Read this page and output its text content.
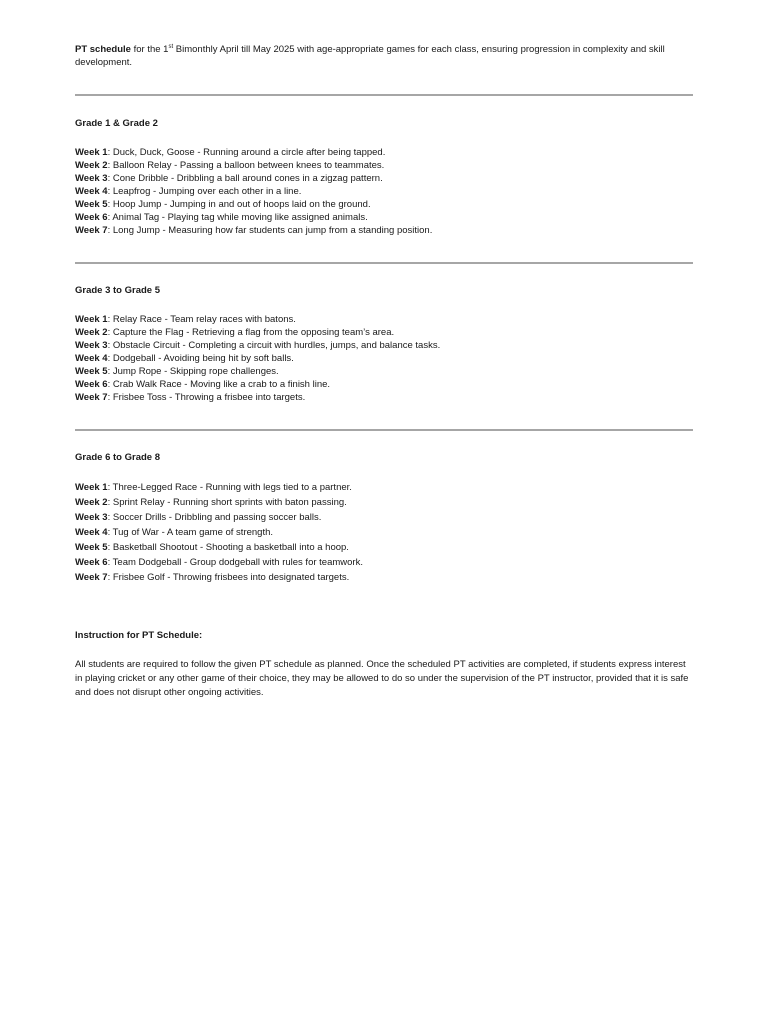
PT schedule for the 1st Bimonthly April till May 2025 with age-appropriate games for each class, ensuring progression in complexity and skill development.
Grade 1 & Grade 2
Week 1: Duck, Duck, Goose - Running around a circle after being tapped.
Week 2: Balloon Relay - Passing a balloon between knees to teammates.
Week 3: Cone Dribble - Dribbling a ball around cones in a zigzag pattern.
Week 4: Leapfrog - Jumping over each other in a line.
Week 5: Hoop Jump - Jumping in and out of hoops laid on the ground.
Week 6: Animal Tag - Playing tag while moving like assigned animals.
Week 7: Long Jump - Measuring how far students can jump from a standing position.
Grade 3 to Grade 5
Week 1: Relay Race - Team relay races with batons.
Week 2: Capture the Flag - Retrieving a flag from the opposing team’s area.
Week 3: Obstacle Circuit - Completing a circuit with hurdles, jumps, and balance tasks.
Week 4: Dodgeball - Avoiding being hit by soft balls.
Week 5: Jump Rope - Skipping rope challenges.
Week 6: Crab Walk Race - Moving like a crab to a finish line.
Week 7: Frisbee Toss - Throwing a frisbee into targets.
Grade 6 to Grade 8
Week 1: Three-Legged Race - Running with legs tied to a partner.
Week 2: Sprint Relay - Running short sprints with baton passing.
Week 3: Soccer Drills - Dribbling and passing soccer balls.
Week 4: Tug of War - A team game of strength.
Week 5: Basketball Shootout - Shooting a basketball into a hoop.
Week 6: Team Dodgeball - Group dodgeball with rules for teamwork.
Week 7: Frisbee Golf - Throwing frisbees into designated targets.
Instruction for PT Schedule:
All students are required to follow the given PT schedule as planned. Once the scheduled PT activities are completed, if students express interest in playing cricket or any other game of their choice, they may be allowed to do so under the supervision of the PT instructor, provided that it is safe and does not disrupt other ongoing activities.
